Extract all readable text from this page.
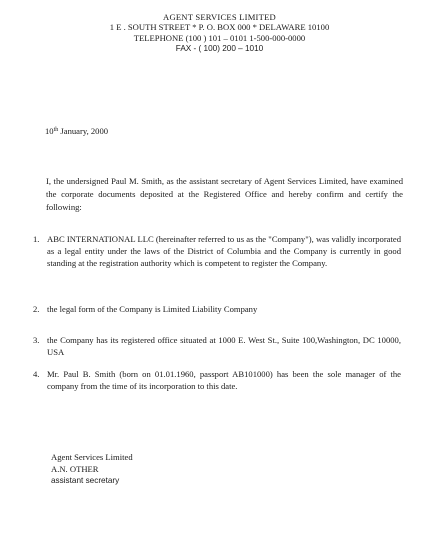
AGENT SERVICES LIMITED
1 E . SOUTH STREET * P. O. BOX 000 * DELAWARE 10100
TELEPHONE (100 ) 101 – 0101 1-500-000-0000
FAX - ( 100) 200 – 1010
10th January, 2000
I, the undersigned Paul M. Smith, as the assistant secretary of Agent Services Limited, have examined the corporate documents deposited at the Registered Office and hereby confirm and certify the following:
1. ABC INTERNATIONAL LLC (hereinafter referred to us as the "Company"), was validly incorporated as a legal entity under the laws of the District of Columbia and the Company is currently in good standing at the registration authority which is competent to register the Company.
2. the legal form of the Company is Limited Liability Company
3. the Company has its registered office situated at 1000 E. West St., Suite 100,Washington, DC 10000, USA
4. Mr. Paul B. Smith (born on 01.01.1960, passport AB101000) has been the sole manager of the company from the time of its incorporation to this date.
Agent Services Limited
A.N. OTHER
assistant secretary
